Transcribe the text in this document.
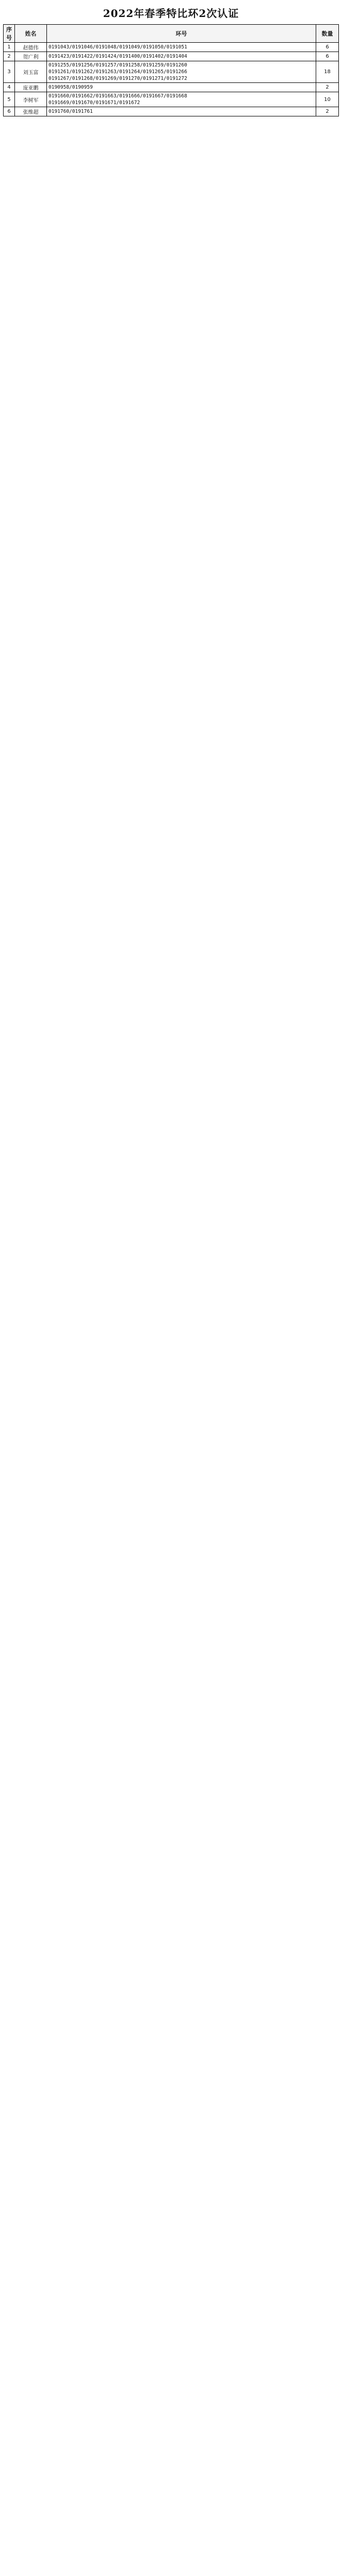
2022年春季特比环2次认证
序号	姓名	环号	数量
1	赵德伟	0191043/0191046/0191048/0191049/0191050/0191051	6
2	贺广利	0191423/0191422/0191424/0191400/0191402/0191404	6
3	刘玉富	0191255/0191256/0191257/0191258/0191259/0191260
0191261/0191262/0191263/0191264/0191265/0191266
0191267/0191268/0191269/0191270/0191271/0191272	18
4	庞亚鹏	0190958/0190959	2
5	李树军	0191660/0191662/0191663/0191666/0191667/0191668
0191669/0191670/0191671/0191672	10
6	张维超	0191760/0191761	2
